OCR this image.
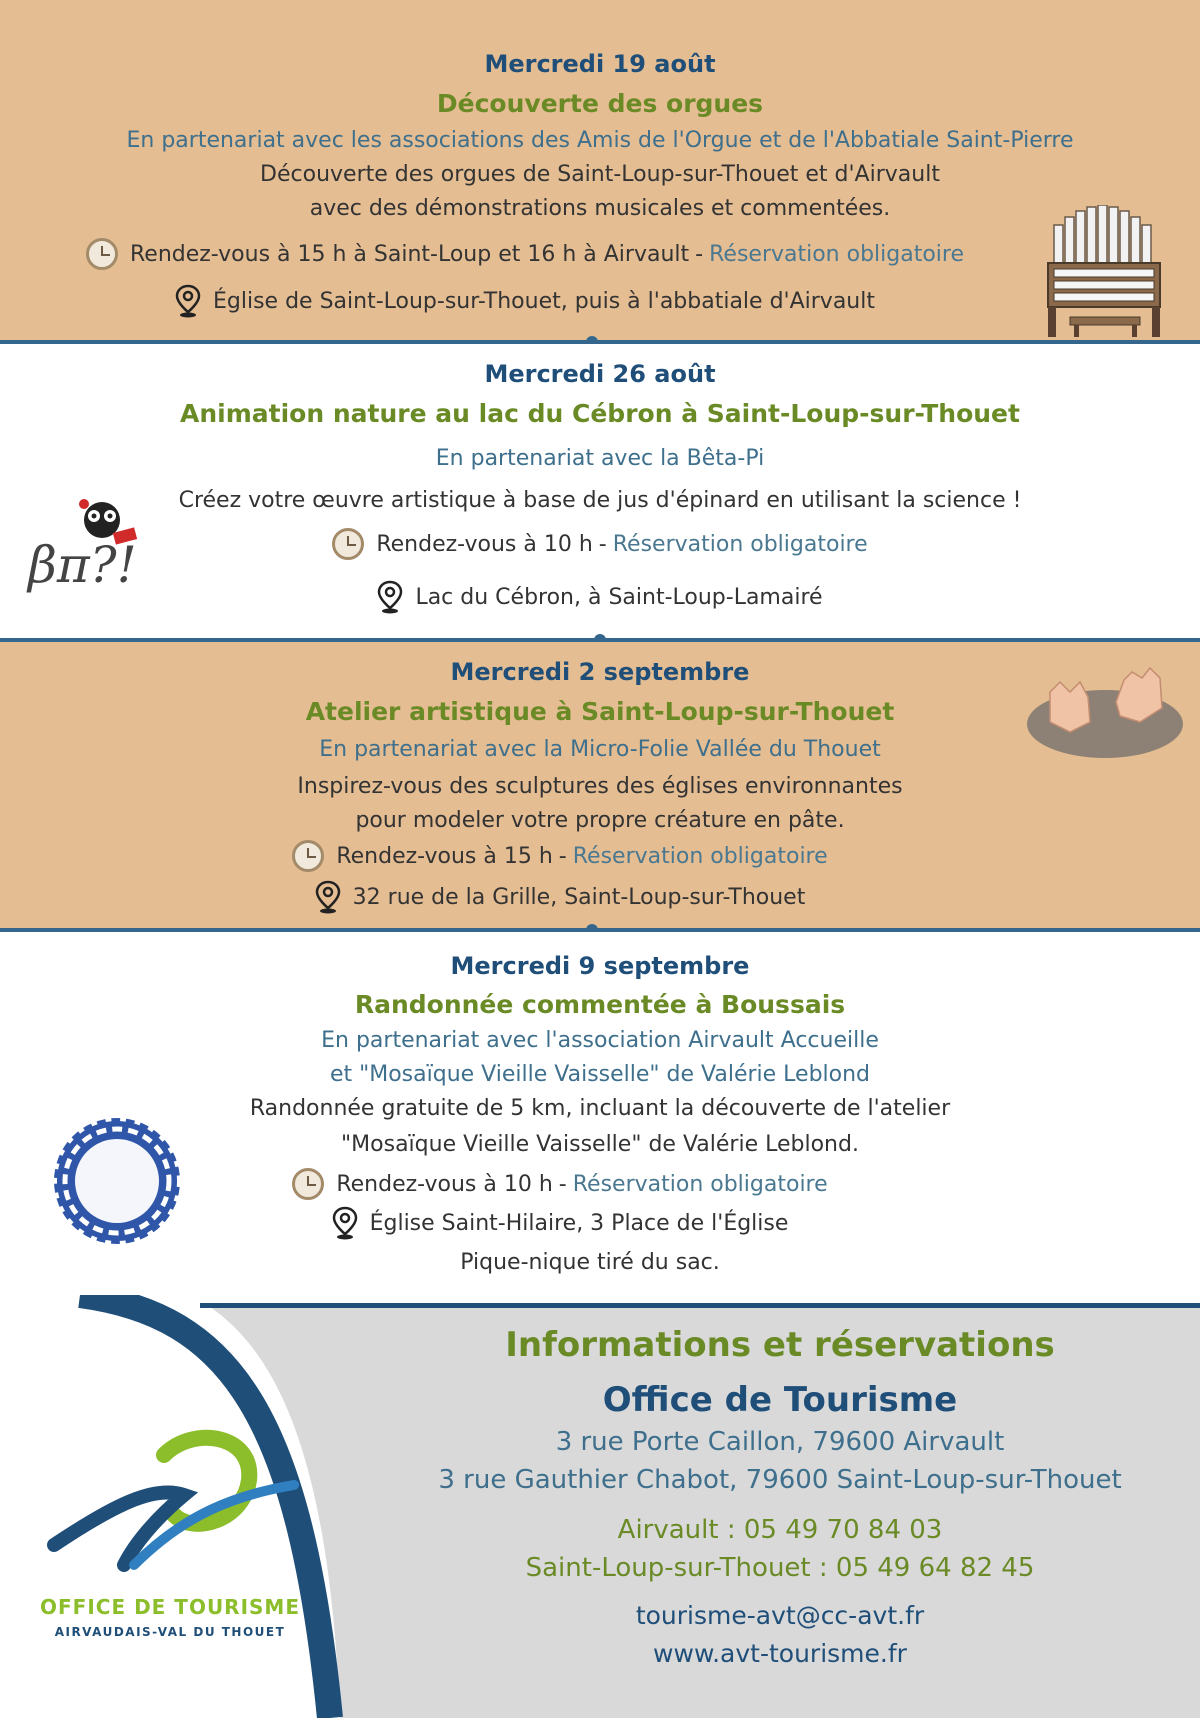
Mercredi 19 août
Découverte des orgues
En partenariat avec les associations des Amis de l'Orgue et de l'Abbatiale Saint-Pierre
Découverte des orgues de Saint-Loup-sur-Thouet et d'Airvault
avec des démonstrations musicales et commentées.
Rendez-vous à 15 h à Saint-Loup et 16 h à Airvault - Réservation obligatoire
Église de Saint-Loup-sur-Thouet, puis à l'abbatiale d'Airvault
Mercredi 26 août
Animation nature au lac du Cébron à Saint-Loup-sur-Thouet
En partenariat avec la Bêta-Pi
Créez votre œuvre artistique à base de jus d'épinard en utilisant la science !
Rendez-vous à 10 h - Réservation obligatoire
Lac du Cébron, à Saint-Loup-Lamairé
βπ?!
Mercredi 2 septembre
Atelier artistique à Saint-Loup-sur-Thouet
En partenariat avec la Micro-Folie Vallée du Thouet
Inspirez-vous des sculptures des églises environnantes
pour modeler votre propre créature en pâte.
Rendez-vous à 15 h - Réservation obligatoire
32 rue de la Grille, Saint-Loup-sur-Thouet
Mercredi 9 septembre
Randonnée commentée à Boussais
En partenariat avec l'association Airvault Accueille
et "Mosaïque Vieille Vaisselle" de Valérie Leblond
Randonnée gratuite de 5 km, incluant la découverte de l'atelier
"Mosaïque Vieille Vaisselle" de Valérie Leblond.
Rendez-vous à 10 h - Réservation obligatoire
Église Saint-Hilaire, 3 Place de l'Église
Pique-nique tiré du sac.
OFFICE DE TOURISME
AIRVAUDAIS-VAL DU THOUET
Informations et réservations
Office de Tourisme
3 rue Porte Caillon, 79600 Airvault
3 rue Gauthier Chabot, 79600 Saint-Loup-sur-Thouet
Airvault : 05 49 70 84 03
Saint-Loup-sur-Thouet : 05 49 64 82 45
tourisme-avt@cc-avt.fr
www.avt-tourisme.fr
